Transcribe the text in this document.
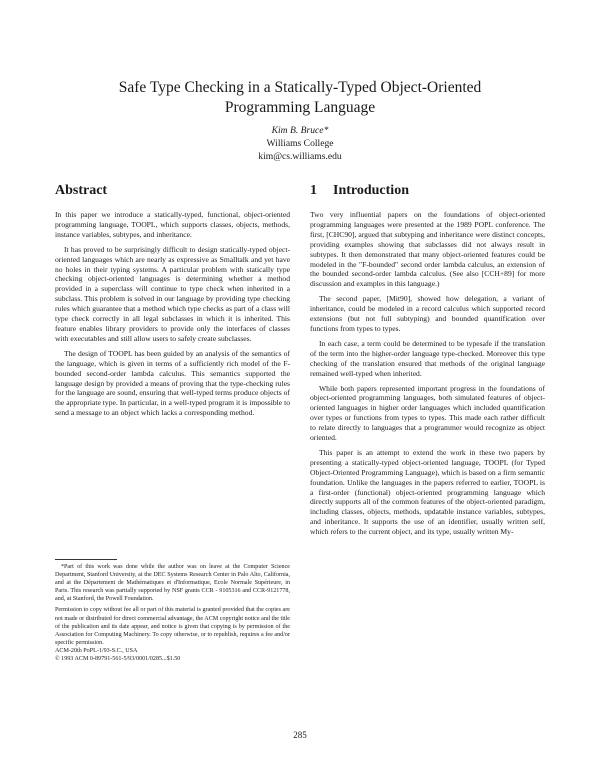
Safe Type Checking in a Statically-Typed Object-Oriented
Programming Language
Kim B. Bruce*
Williams College
kim@cs.williams.edu
Abstract	1 Introduction

In this paper we introduce a statically-typed, functional, object-oriented programming language, TOOPL, which supports classes, objects, methods, instance variables, subtypes, and inheritance.

It has proved to be surprisingly difficult to design statically-typed object-oriented languages which are nearly as expressive as Smalltalk and yet have no holes in their typing systems. A particular problem with statically type checking object-oriented languages is determining whether a method provided in a superclass will continue to type check when inherited in a subclass. This problem is solved in our language by providing type checking rules which guarantee that a method which type checks as part of a class will type check correctly in all legal subclasses in which it is inherited. This feature enables library providers to provide only the interfaces of classes with executables and still allow users to safely create subclasses.

The design of TOOPL has been guided by an analysis of the semantics of the language, which is given in terms of a sufficiently rich model of the F-bounded second-order lambda calculus. This semantics supported the language design by provided a means of proving that the type-checking rules for the language are sound, ensuring that well-typed terms produce objects of the appropriate type. In particular, in a well-typed program it is impossible to send a message to an object which lacks a corresponding method.

*Part of this work was done while the author was on leave at the Computer Science Department, Stanford University, at the DEC Systems Research Center in Palo Alto, California, and at the Département de Mathématiques et d'Informatique, Ecole Normale Supérieure, in Paris. This research was partially supported by NSF grants CCR - 9105316 and CCR-9121778, and, at Stanford, the Powell Foundation.

Permission to copy without fee all or part of this material is granted provided that the copies are not made or distributed for direct commercial advantage, the ACM copyright notice and the title of the publication and its date appear, and notice is given that copying is by permission of the Association for Computing Machinery. To copy otherwise, or to republish, requires a fee and/or specific permission.

ACM-20th PoPL-1/93-S.C., USA

© 1993 ACM 0-89791-561-5/93/0001/0285...$1.50

Two very influential papers on the foundations of object-oriented programming languages were presented at the 1989 POPL conference. The first, [CHC90], argued that subtyping and inheritance were distinct concepts, providing examples showing that subclasses did not always result in subtypes. It then demonstrated that many object-oriented features could be modeled in the "F-bounded" second order lambda calculus, an extension of the bounded second-order lambda calculus. (See also [CCH+89] for more discussion and examples in this language.)

The second paper, [Mit90], showed how delegation, a variant of inheritance, could be modeled in a record calculus which supported record extensions (but not full subtyping) and bounded quantification over functions from types to types.

In each case, a term could be determined to be typesafe if the translation of the term into the higher-order language type-checked. Moreover this type checking of the translation ensured that methods of the original language remained well-typed when inherited.

While both papers represented important progress in the foundations of object-oriented programming languages, both simulated features of object-oriented languages in higher order languages which included quantification over types or functions from types to types. This made each rather difficult to relate directly to languages that a programmer would recognize as object oriented.

This paper is an attempt to extend the work in these two papers by presenting a statically-typed object-oriented language, TOOPL (for Typed Object-Oriented Programming Language), which is based on a firm semantic foundation. Unlike the languages in the papers referred to earlier, TOOPL is a first-order (functional) object-oriented programming language which directly supports all of the common features of the object-oriented paradigm, including classes, objects, methods, updatable instance variables, subtypes, and inheritance. It supports the use of an identifier, usually written self, which refers to the current object, and its type, usually written My-

285
